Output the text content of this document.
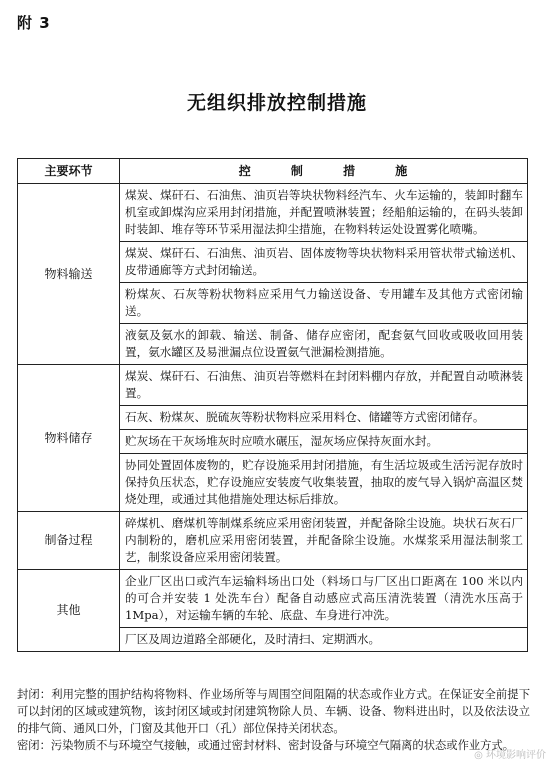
附 3
无组织排放控制措施
主要环节	控 制 措 施
物料输送	煤炭、煤矸石、石油焦、油页岩等块状物料经汽车、火车运输的，装卸时翻车机室或卸煤沟应采用封闭措施，并配置喷淋装置；经船舶运输的，在码头装卸时装卸、堆存等环节采用湿法抑尘措施，在物料转运处设置雾化喷嘴。
	煤炭、煤矸石、石油焦、油页岩、固体废物等块状物料采用管状带式输送机、皮带通廊等方式封闭输送。
	粉煤灰、石灰等粉状物料应采用气力输送设备、专用罐车及其他方式密闭输送。
	液氨及氨水的卸载、输送、制备、储存应密闭，配套氨气回收或吸收回用装置，氨水罐区及易泄漏点位设置氨气泄漏检测措施。
物料储存	煤炭、煤矸石、石油焦、油页岩等燃料在封闭料棚内存放，并配置自动喷淋装置。
	石灰、粉煤灰、脱硫灰等粉状物料应采用料仓、储罐等方式密闭储存。
	贮灰场在干灰场堆灰时应喷水碾压，湿灰场应保持灰面水封。
	协同处置固体废物的，贮存设施采用封闭措施，有生活垃圾或生活污泥存放时保持负压状态，贮存设施应安装废气收集装置，抽取的废气导入锅炉高温区焚烧处理，或通过其他措施处理达标后排放。
制备过程	碎煤机、磨煤机等制煤系统应采用密闭装置，并配备除尘设施。块状石灰石厂内制粉的，磨机应采用密闭装置，并配备除尘设施。水煤浆采用湿法制浆工艺，制浆设备应采用密闭装置。
其他	企业厂区出口或汽车运输料场出口处（料场口与厂区出口距离在 100 米以内的可合并安装 1 处洗车台）配备自动感应式高压清洗装置（清洗水压高于 1Mpa），对运输车辆的车轮、底盘、车身进行冲洗。
	厂区及周边道路全部硬化，及时清扫、定期洒水。

封闭：利用完整的围护结构将物料、作业场所等与周围空间阻隔的状态或作业方式。在保证安全前提下可以封闭的区域或建筑物，该封闭区域或封闭建筑物除人员、车辆、设备、物料进出时，以及依法设立的排气筒、通风口外，门窗及其他开口（孔）部位保持关闭状态。

密闭：污染物质不与环境空气接触，或通过密封材料、密封设备与环境空气隔离的状态或作业方式。

◎ 环境影响评价
